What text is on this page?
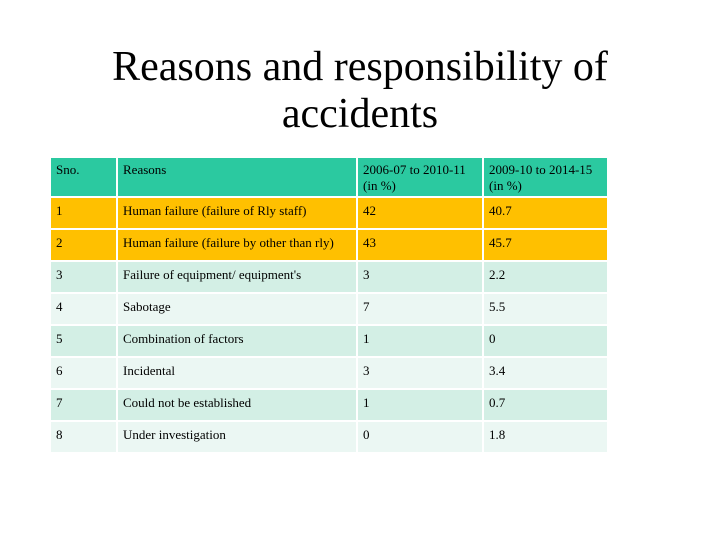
Reasons and responsibility of accidents
Sno.	Reasons	2006-07 to 2010-11 (in %)	2009-10 to 2014-15 (in %)
1	Human failure (failure of Rly staff)	42	40.7
2	Human failure (failure by other than rly)	43	45.7
3	Failure of equipment/ equipment's	3	2.2
4	Sabotage	7	5.5
5	Combination of factors	1	0
6	Incidental	3	3.4
7	Could not be established	1	0.7
8	Under investigation	0	1.8
